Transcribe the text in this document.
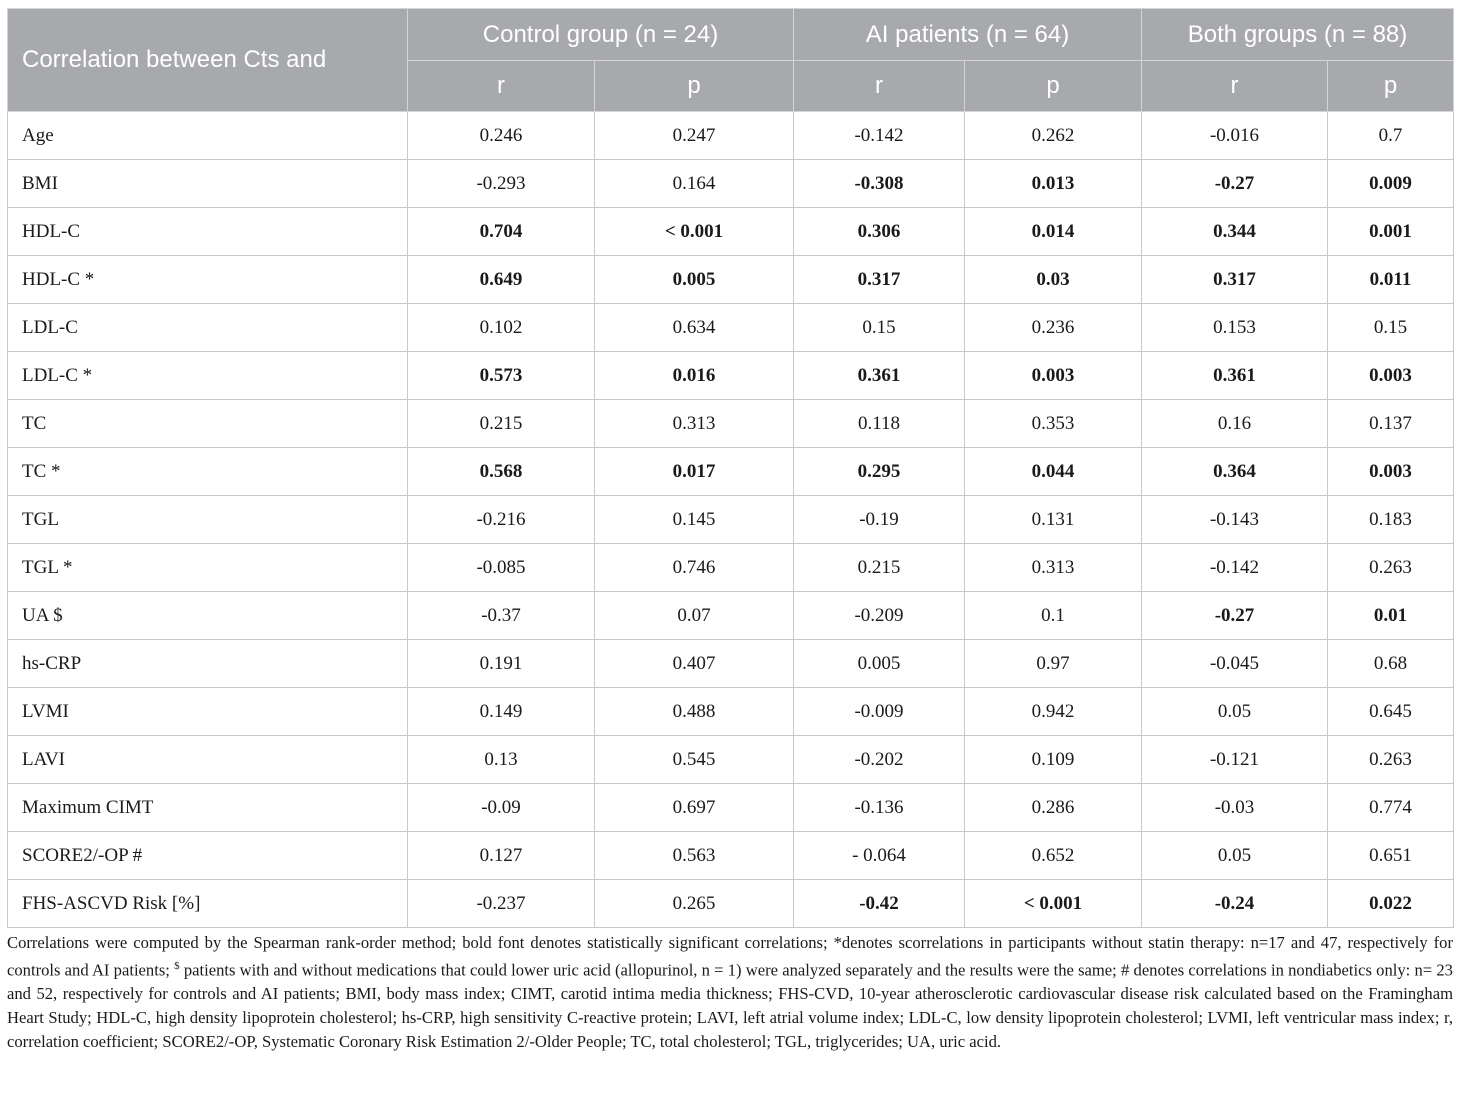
Correlation between Cts and	Control group (n = 24)		AI patients (n = 64)		Both groups (n = 88)	
	r	p	r	p	r	p
Age	0.246	0.247	-0.142	0.262	-0.016	0.7
BMI	-0.293	0.164	-0.308	0.013	-0.27	0.009
HDL-C	0.704	< 0.001	0.306	0.014	0.344	0.001
HDL-C *	0.649	0.005	0.317	0.03	0.317	0.011
LDL-C	0.102	0.634	0.15	0.236	0.153	0.15
LDL-C *	0.573	0.016	0.361	0.003	0.361	0.003
TC	0.215	0.313	0.118	0.353	0.16	0.137
TC *	0.568	0.017	0.295	0.044	0.364	0.003
TGL	-0.216	0.145	-0.19	0.131	-0.143	0.183
TGL *	-0.085	0.746	0.215	0.313	-0.142	0.263
UA $	-0.37	0.07	-0.209	0.1	-0.27	0.01
hs-CRP	0.191	0.407	0.005	0.97	-0.045	0.68
LVMI	0.149	0.488	-0.009	0.942	0.05	0.645
LAVI	0.13	0.545	-0.202	0.109	-0.121	0.263
Maximum CIMT	-0.09	0.697	-0.136	0.286	-0.03	0.774
SCORE2/-OP #	0.127	0.563	- 0.064	0.652	0.05	0.651
FHS-ASCVD Risk [%]	-0.237	0.265	-0.42	< 0.001	-0.24	0.022

Correlations were computed by the Spearman rank-order method; bold font denotes statistically significant correlations; *denotes scorrelations in participants without statin therapy: n=17 and 47, respectively for controls and AI patients; $ patients with and without medications that could lower uric acid (allopurinol, n = 1) were analyzed separately and the results were the same; # denotes correlations in nondiabetics only: n= 23 and 52, respectively for controls and AI patients; BMI, body mass index; CIMT, carotid intima media thickness; FHS-CVD, 10-year atherosclerotic cardiovascular disease risk calculated based on the Framingham Heart Study; HDL-C, high density lipoprotein cholesterol; hs-CRP, high sensitivity C-reactive protein; LAVI, left atrial volume index; LDL-C, low density lipoprotein cholesterol; LVMI, left ventricular mass index; r, correlation coefficient; SCORE2/-OP, Systematic Coronary Risk Estimation 2/-Older People; TC, total cholesterol; TGL, triglycerides; UA, uric acid.
